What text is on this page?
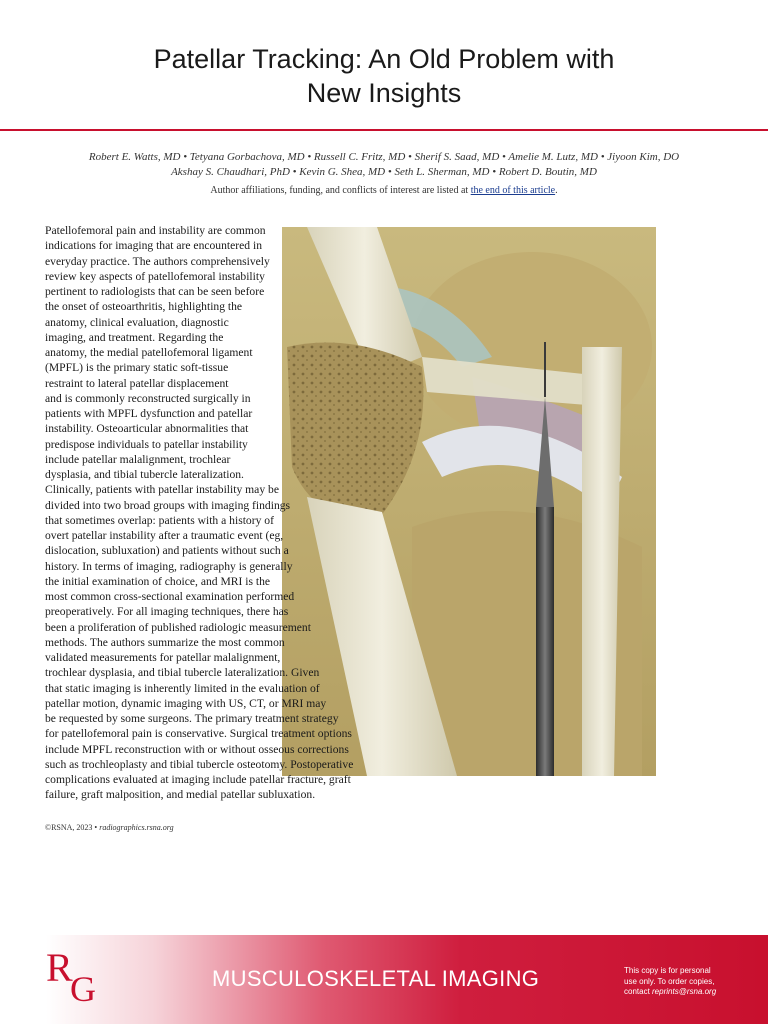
Patellar Tracking: An Old Problem with
New Insights
Robert E. Watts, MD • Tetyana Gorbachova, MD • Russell C. Fritz, MD • Sherif S. Saad, MD • Amelie M. Lutz, MD • Jiyoon Kim, DO
Akshay S. Chaudhari, PhD • Kevin G. Shea, MD • Seth L. Sherman, MD • Robert D. Boutin, MD
Author affiliations, funding, and conflicts of interest are listed at the end of this article.
Patellofemoral pain and instability are common
indications for imaging that are encountered in
everyday practice. The authors comprehensively
review key aspects of patellofemoral instability
pertinent to radiologists that can be seen before
the onset of osteoarthritis, highlighting the
anatomy, clinical evaluation, diagnostic
imaging, and treatment. Regarding the
anatomy, the medial patellofemoral ligament
(MPFL) is the primary static soft-tissue
restraint to lateral patellar displacement
and is commonly reconstructed surgically in
patients with MPFL dysfunction and patellar
instability. Osteoarticular abnormalities that
predispose individuals to patellar instability
include patellar malalignment, trochlear
dysplasia, and tibial tubercle lateralization.
Clinically, patients with patellar instability may be
divided into two broad groups with imaging findings
that sometimes overlap: patients with a history of
overt patellar instability after a traumatic event (eg,
dislocation, subluxation) and patients without such a
history. In terms of imaging, radiography is generally
the initial examination of choice, and MRI is the
most common cross-sectional examination performed
preoperatively. For all imaging techniques, there has
been a proliferation of published radiologic measurement
methods. The authors summarize the most common
validated measurements for patellar malalignment,
trochlear dysplasia, and tibial tubercle lateralization. Given
that static imaging is inherently limited in the evaluation of
patellar motion, dynamic imaging with US, CT, or MRI may
be requested by some surgeons. The primary treatment strategy
for patellofemoral pain is conservative. Surgical treatment options
include MPFL reconstruction with or without osseous corrections
such as trochleoplasty and tibial tubercle osteotomy. Postoperative
complications evaluated at imaging include patellar fracture, graft
failure, graft malposition, and medial patellar subluxation.
©RSNA, 2023 • radiographics.rsna.org
R
G	MUSCULOSKELETAL IMAGING	This copy is for personal
use only. To order copies,
contact reprints@rsna.org
